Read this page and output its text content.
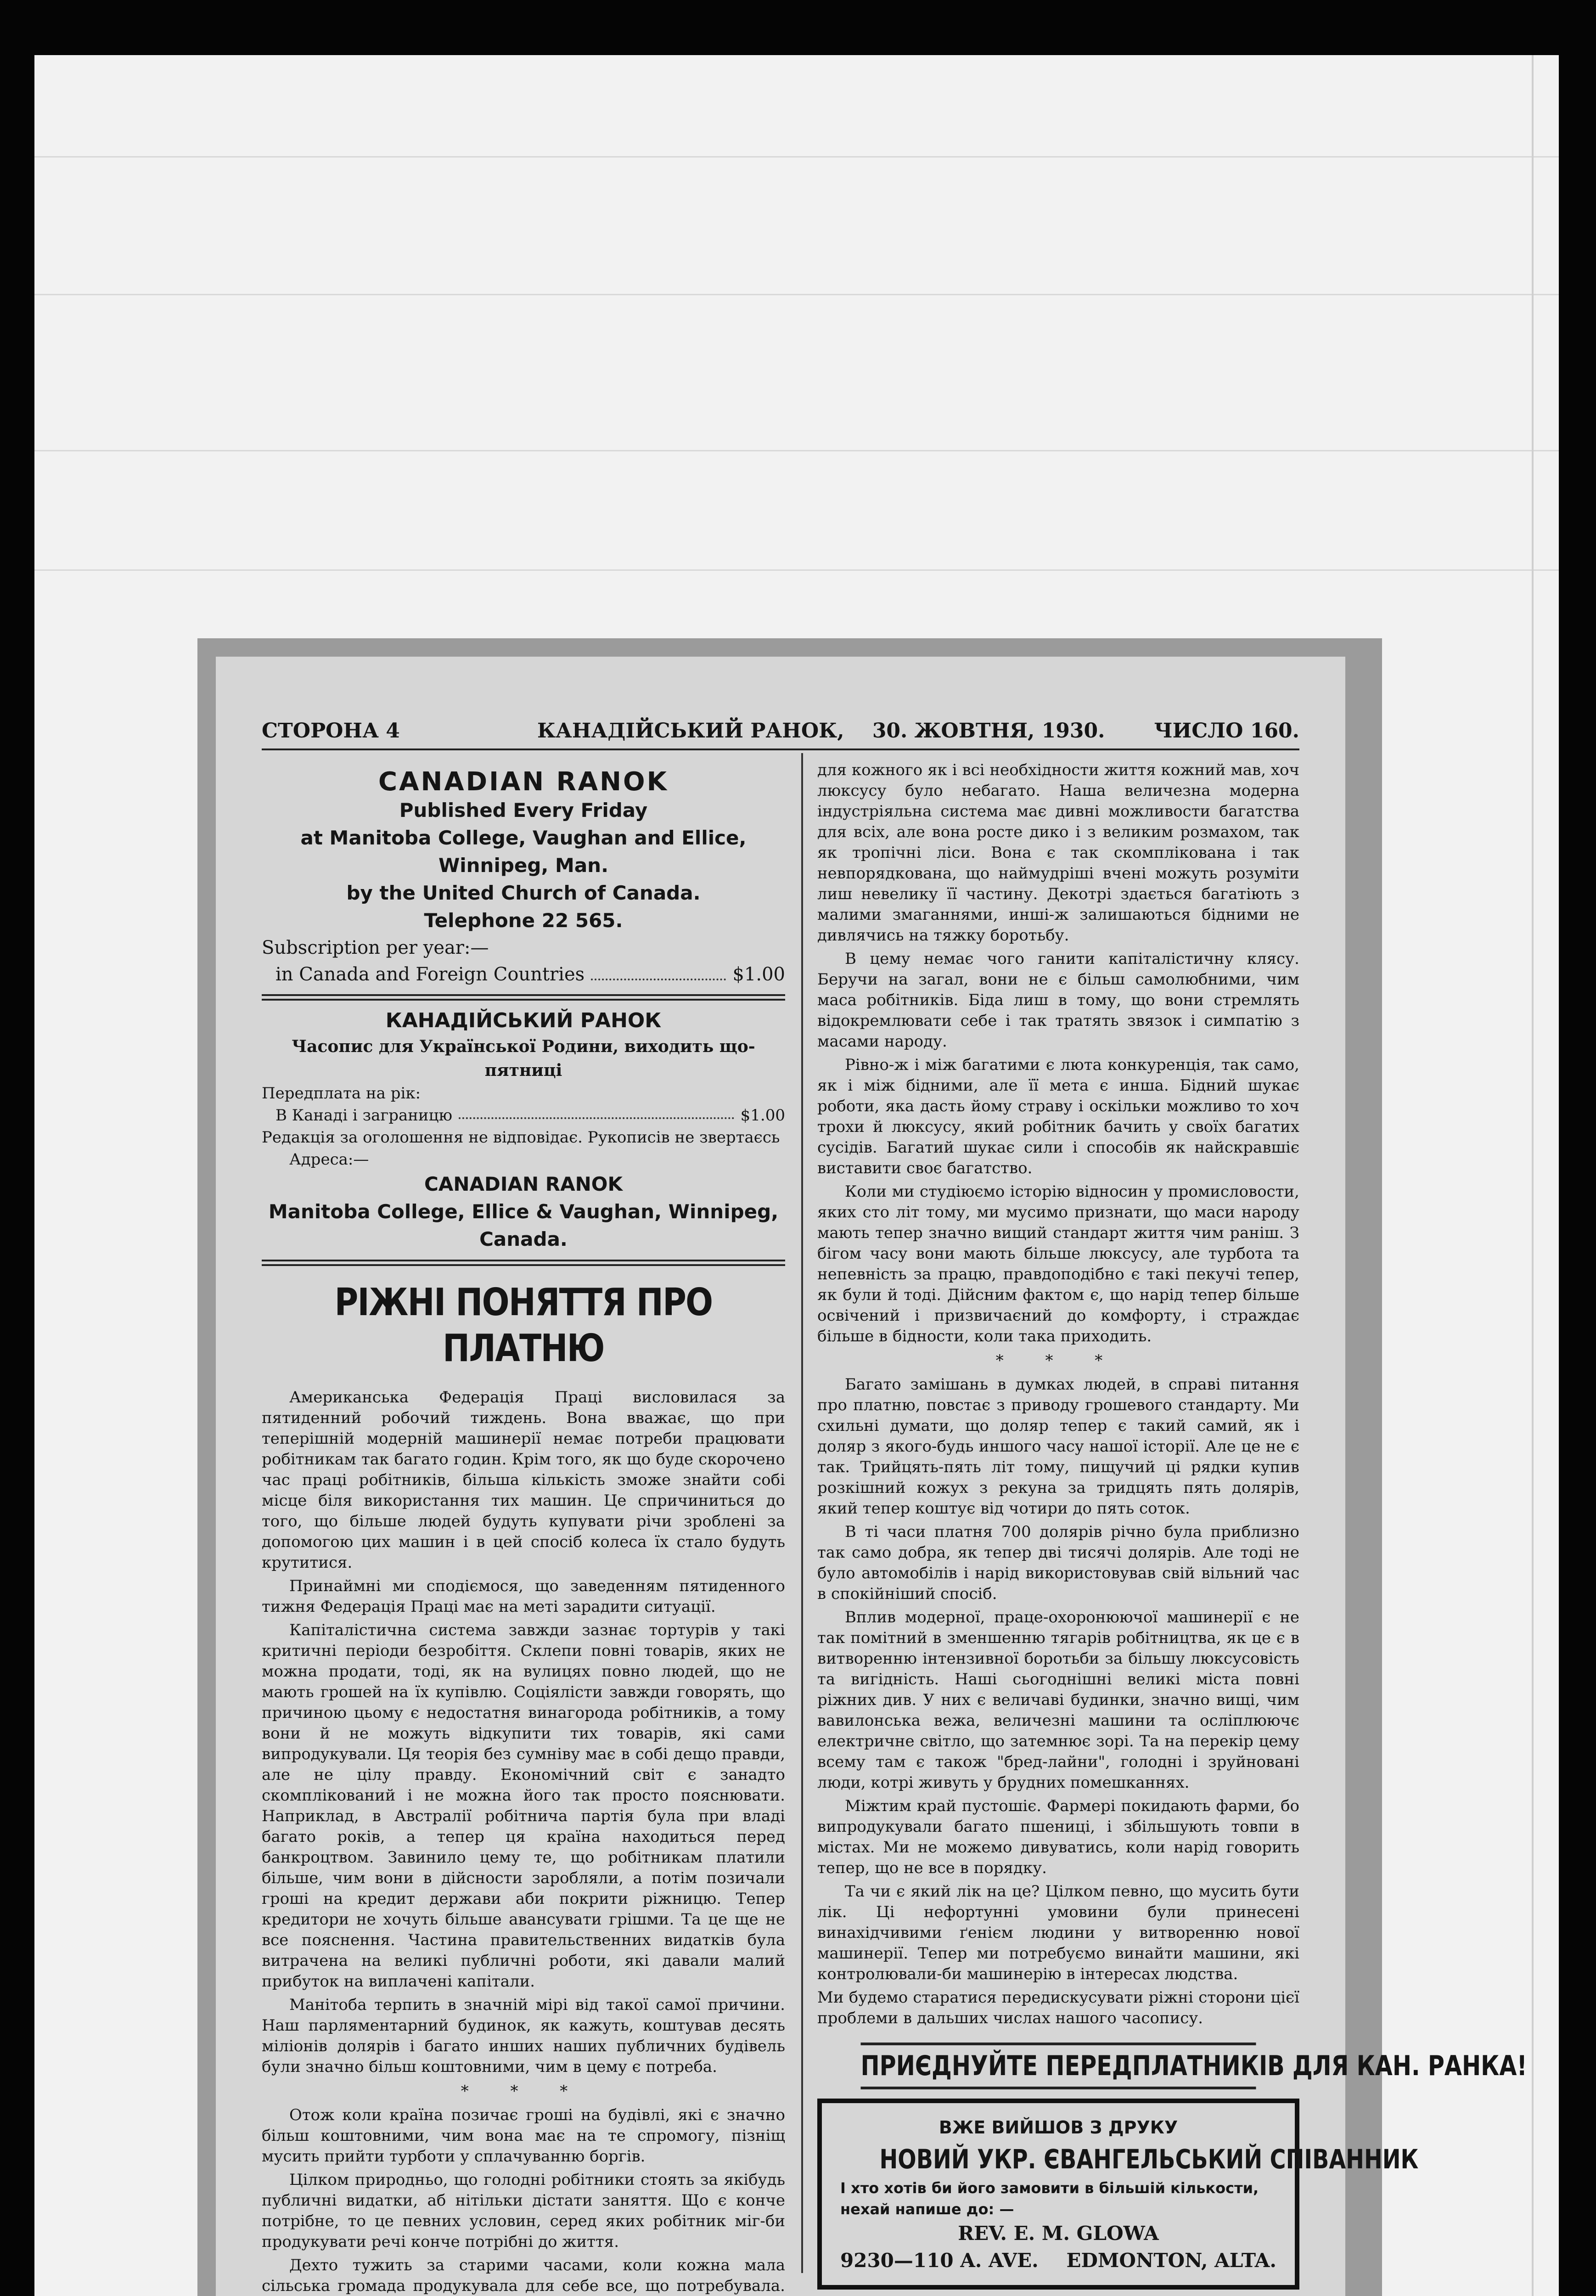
СТОРОНА 4	КАНАДІЙСЬКИЙ РАНОК, 30. ЖОВТНЯ, 1930. ЧИСЛО 160.
CANADIAN RANOK
Published Every Friday
at Manitoba College, Vaughan and Ellice, Winnipeg, Man.
by the United Church of Canada.
Telephone 22 565.
Subscription per year:—
in Canada and Foreign Countries	$1.00
КАНАДІЙСЬКИЙ РАНОК
Часопис для Української Родини, виходить що-пятниці
Передплата на рік:
В Канаді і заграницю	$1.00
Редакція за оголошення не відповідає. Рукописів не звертаєсь
Адреса:—
CANADIAN RANOK
Manitoba College, Ellice & Vaughan, Winnipeg, Canada.
РІЖНІ ПОНЯТТЯ ПРО ПЛАТНЮ

Американська Федерація Праці висловилася за пятиденний робочий тиждень. Вона вважає, що при теперішній модерній машинерії немає потреби працювати робітникам так багато годин. Крім того, як що буде скорочено час праці робітників, більша кількість зможе знайти собі місце біля використання тих машин. Це спричиниться до того, що більше людей будуть купувати річи зроблені за допомогою цих машин і в цей спосіб колеса їх стало будуть крутитися.

Принаймні ми сподіємося, що заведенням пятиденного тижня Федерація Праці має на меті зарадити ситуації.

Капіталістична система завжди зазнає тортурів у такі критичні періоди безробіття. Склепи повні товарів, яких не можна продати, тоді, як на вулицях повно людей, що не мають грошей на їх купівлю. Соціялісти завжди говорять, що причиною цьому є недостатня винагорода робітників, а тому вони й не можуть відкупити тих товарів, які сами випродукували. Ця теорія без сумніву має в собі дещо правди, але не цілу правду. Економічний світ є занадто скомплікований і не можна його так просто пояснювати. Наприклад, в Австралії робітнича партія була при владі багато років, а тепер ця країна находиться перед банкроцтвом. Завинило цему те, що робітникам платили більше, чим вони в дійсности заробляли, а потім позичали гроші на кредит держави аби покрити ріжницю. Тепер кредитори не хочуть більше авансувати грішми. Та це ще не все пояснення. Частина правительственних видатків була витрачена на великі публичні роботи, які давали малий прибуток на виплачені капітали.

Манітоба терпить в значній мірі від такої самої причини. Наш парляментарний будинок, як кажуть, коштував десять міліонів долярів і багато инших наших публичних будівель були значно більш коштовними, чим в цему є потреба.

* * *

Отож коли країна позичає гроші на будівлі, які є значно більш коштовними, чим вона має на те спромогу, пізніщ мусить прийти турботи у сплачуванню боргів.

Цілком природньо, що голодні робітники стоять за якібудь публичні видатки, аб нітільки дістати заняття. Що є конче потрібне, то це певних условин, серед яких робітник міг-би продукувати речі конче потрібні до життя.

Дехто тужить за старими часами, коли кожна мала сільська громада продукувала для себе все, що потребувала.

для кожного як і всі необхідности життя кожний мав, хоч люксусу було небагато. Наша величезна модерна індустріяльна система має дивні можливости багатства для всіх, але вона росте дико і з великим розмахом, так як тропічні ліси. Вона є так скомплікована і так невпорядкована, що наймудріші вчені можуть розуміти лиш невелику її частину. Декотрі здається багатіють з малими змаганнями, инші-ж залишаються бідними не дивлячись на тяжку боротьбу.

В цему немає чого ганити капіталістичну клясу. Беручи на загал, вони не є більш самолюбними, чим маса робітників. Біда лиш в тому, що вони стремлять відокремлювати себе і так тратять звязок і симпатію з масами народу.

Рівно-ж і між багатими є люта конкуренція, так само, як і між бідними, але її мета є инша. Бідний шукає роботи, яка дасть йому страву і оскільки можливо то хоч трохи й люксусу, який робітник бачить у своїх багатих сусідів. Багатий шукає сили і способів як найскравшіє виставити своє багатство.

Коли ми студіюємо історію відносин у промисловости, яких сто літ тому, ми мусимо признати, що маси народу мають тепер значно вищий стандарт життя чим раніш. З бігом часу вони мають більше люксусу, але турбота та непевність за працю, правдоподібно є такі пекучі тепер, як були й тоді. Дійсним фактом є, що нарід тепер більше освічений і призвичаєний до комфорту, і страждає більше в бідности, коли така приходить.

* * *

Багато замішань в думках людей, в справі питання про платню, повстає з приводу грошевого стандарту. Ми схильні думати, що доляр тепер є такий самий, як і доляр з якого-будь иншого часу нашої історії. Але це не є так. Трийцять-пять літ тому, пищучий ці рядки купив розкішний кожух з рекуна за тридцять пять долярів, який тепер коштує від чотири до пять соток.

В ті часи платня 700 долярів річно була приблизно так само добра, як тепер дві тисячі долярів. Але тоді не було автомобілів і нарід використовував свій вільний час в спокійніший спосіб.

Вплив модерної, праце-охоронюючої машинерії є не так помітний в зменшенню тягарів робітництва, як це є в витворенню інтензивної боротьби за більшу люксусовість та вигідність. Наші сьогоднішні великі міста повні ріжних див. У них є величаві будинки, значно вищі, чим вавилонська вежа, величезні машини та осліплюючє електричне світло, що затемнює зорі. Та на перекір цему всему там є також "бред-лайни", голодні і зруйновані люди, котрі живуть у брудних помешканнях.

Міжтим край пустошіє. Фармері покидають фарми, бо випродукували багато пшениці, і збільшують товпи в містах. Ми не можемо дивуватись, коли нарід говорить тепер, що не все в порядку.

Та чи є який лік на це? Цілком певно, що мусить бути лік. Ці нефортунні умовини були принесені винахідчивими ґенієм людини у витворенню нової машинерії. Тепер ми потребуємо винайти машини, які контролювали-би машинерію в інтересах людства.

Ми будемо старатися передискусувати ріжні сторони цієї проблеми в дальших числах нашого часопису.

ПРИЄДНУЙТЕ ПЕРЕДПЛАТНИКІВ ДЛЯ КАН. РАНКА!
ВЖЕ ВИЙШОВ З ДРУКУ
НОВИЙ УКР. ЄВАНГЕЛЬСЬКИЙ СПІВАННИК
І хто хотів би його замовити в більшій кількости, нехай напише до: —
REV. E. M. GLOWA
9230—110 A. AVE. EDMONTON, ALTA.
